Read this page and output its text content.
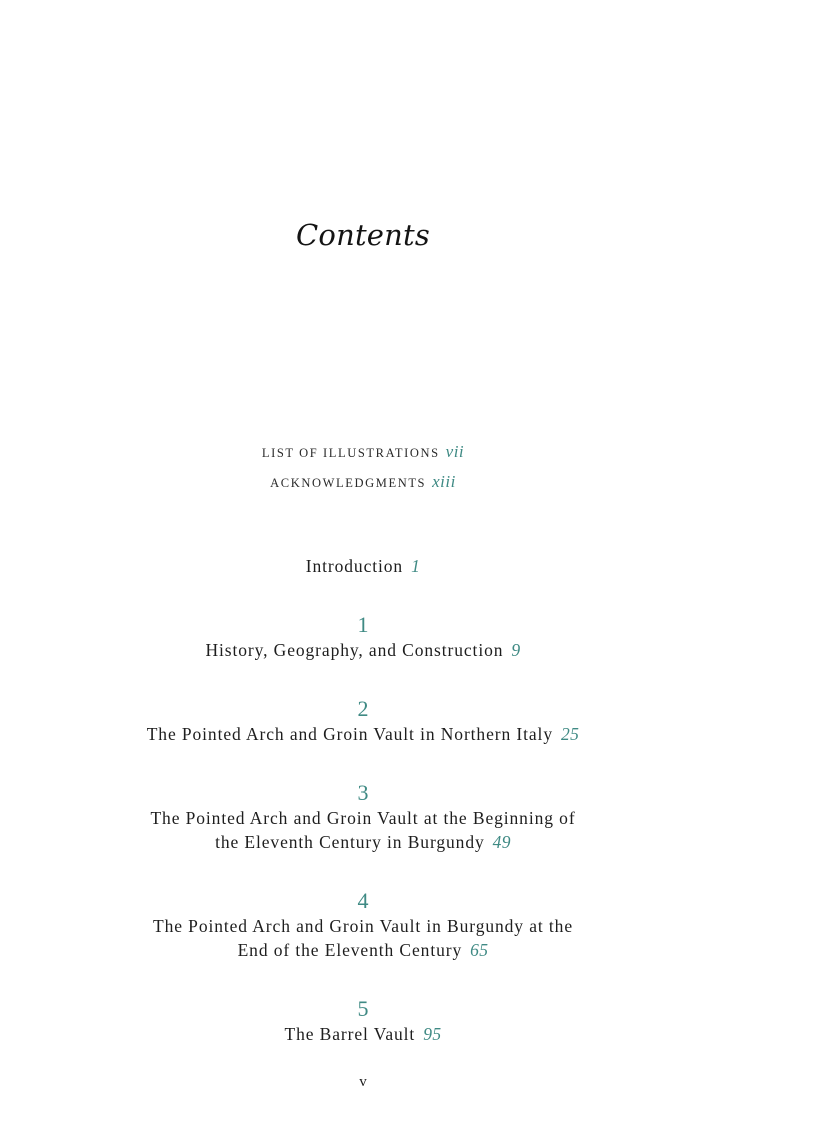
Contents
LIST OF ILLUSTRATIONS vii
ACKNOWLEDGMENTS xiii
Introduction 1
1
History, Geography, and Construction 9
2
The Pointed Arch and Groin Vault in Northern Italy 25
3
The Pointed Arch and Groin Vault at the Beginning of
the Eleventh Century in Burgundy 49
4
The Pointed Arch and Groin Vault in Burgundy at the
End of the Eleventh Century 65
5
The Barrel Vault 95
v
